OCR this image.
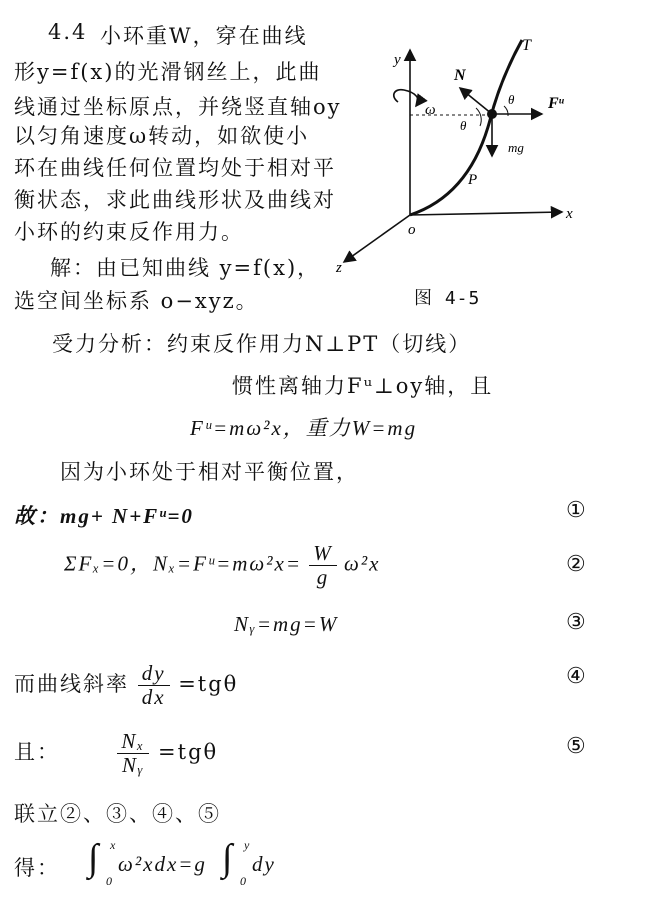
4.4 小环重W，穿在曲线
形y=f(x)的光滑钢丝上，此曲
线通过坐标原点，并绕竖直轴oy
以匀角速度ω转动，如欲使小
环在曲线任何位置均处于相对平
衡状态，求此曲线形状及曲线对
小环的约束反作用力。
解：由已知曲线 y=f(x)，
选空间坐标系 o−xyz。
y
x
z
o
ω
T
N
Fᵘ
mg
P
θ
θ
图 4-5
受力分析：约束反作用力N⊥PT（切线）
惯性离轴力Fᵘ⊥oy轴，且
Fᵘ=mω²x，重力W=mg
因为小环处于相对平衡位置，
故：mg+ N+Fᵘ=0	①
ΣFₓ=0，Nₓ=Fᵘ=mω²x= $\frac{W}{g} \omega^2x$	②
Nᵧ=mg=W	③
而曲线斜率 $\frac{dy}{dx} =tg\theta$	④
且：	$\frac{\text{Nₓ}}{\text{Nᵧ}} =tg\theta$	⑤
联立②、③、④、⑤
得： ∫ x
0
ω²xdx=g ∫ y
0
dy
